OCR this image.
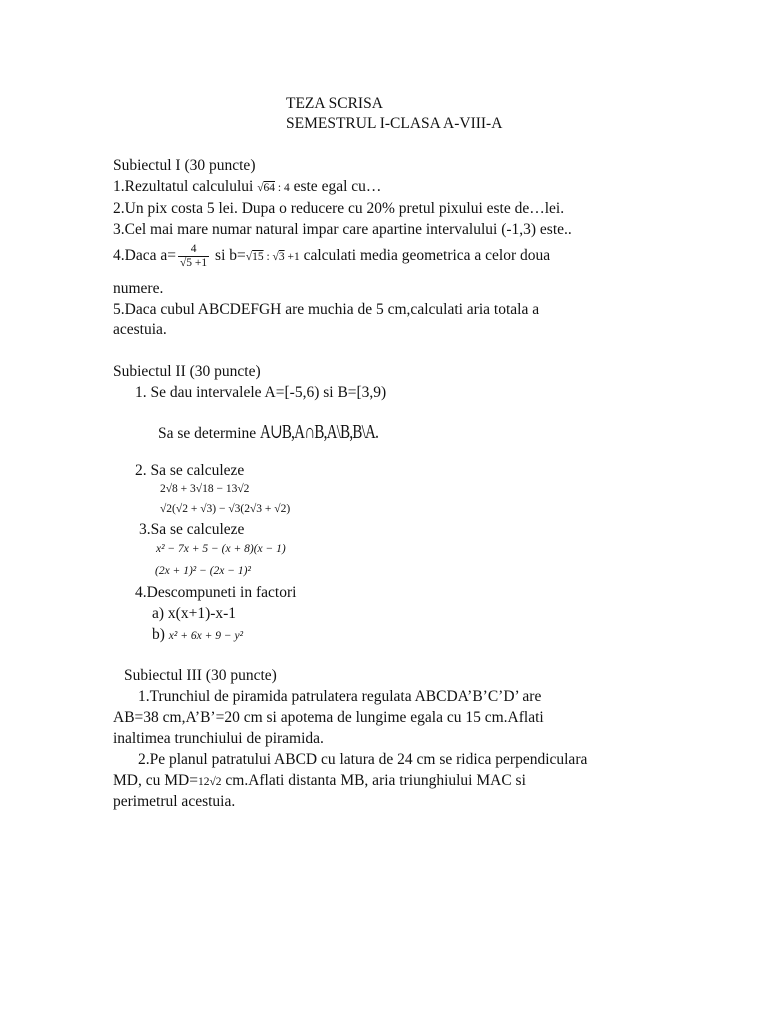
TEZA SCRISA
SEMESTRUL I-CLASA A-VIII-A
Subiectul I (30 puncte)
1.Rezultatul calculului √64 : 4 este egal cu…
2.Un pix costa 5 lei. Dupa o reducere cu 20% pretul pixului este de…lei.
3.Cel mai mare numar natural impar care apartine intervalului (-1,3) este..
4.Daca $a= \frac{4}{√5 +1}$ si b=√15 : √3 +1 calculati media geometrica a celor doua
numere.
5.Daca cubul ABCDEFGH are muchia de 5 cm,calculati aria totala a
acestuia.
Subiectul II (30 puncte)
1. Se dau intervalele A=[-5,6) si B=[3,9)
Sa se determine A∪B,A∩B,A\B,B\A.
2. Sa se calculeze
2√8 + 3√18 − 13√2
√2(√2 + √3) − √3(2√3 + √2)
3.Sa se calculeze
x² − 7x + 5 − (x + 8)(x − 1)
(2x + 1)² − (2x − 1)²
4.Descompuneti in factori
a) x(x+1)-x-1
b) x² + 6x + 9 − y²
Subiectul III (30 puncte)
1.Trunchiul de piramida patrulatera regulata ABCDA’B’C’D’ are
AB=38 cm,A’B’=20 cm si apotema de lungime egala cu 15 cm.Aflati
inaltimea trunchiului de piramida.
2.Pe planul patratului ABCD cu latura de 24 cm se ridica perpendiculara
MD, cu MD=12√2 cm.Aflati distanta MB, aria triunghiului MAC si
perimetrul acestuia.
